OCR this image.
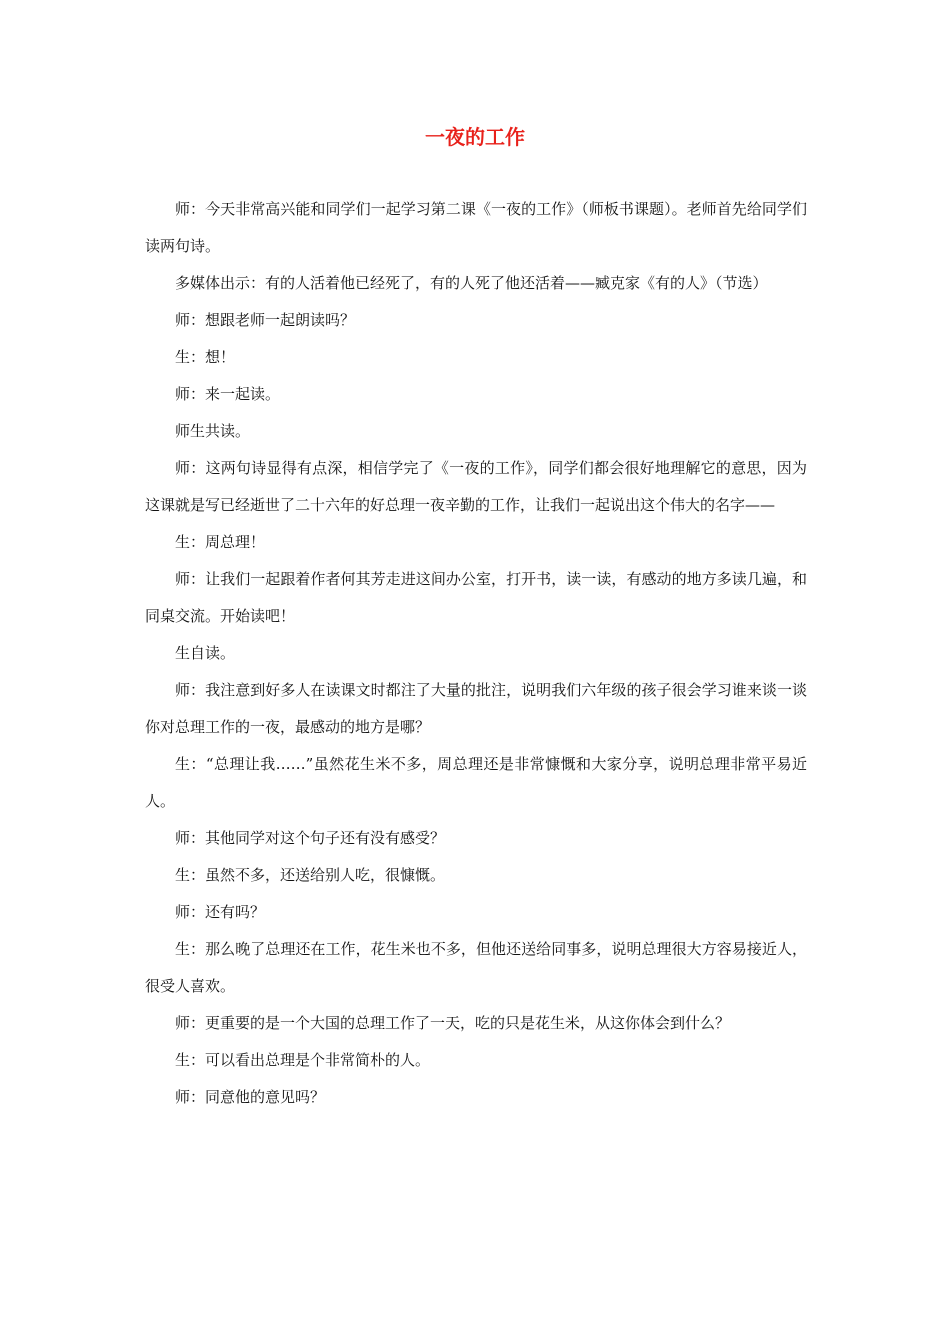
一夜的工作

师：今天非常高兴能和同学们一起学习第二课《一夜的工作》（师板书课题）。老师首先给同学们读两句诗。

多媒体出示：有的人活着他已经死了，有的人死了他还活着——臧克家《有的人》（节选）

师：想跟老师一起朗读吗？

生：想！

师：来一起读。

师生共读。

师：这两句诗显得有点深，相信学完了《一夜的工作》，同学们都会很好地理解它的意思，因为这课就是写已经逝世了二十六年的好总理一夜辛勤的工作，让我们一起说出这个伟大的名字——

生：周总理！

师：让我们一起跟着作者何其芳走进这间办公室，打开书，读一读，有感动的地方多读几遍，和同桌交流。开始读吧！

生自读。

师：我注意到好多人在读课文时都注了大量的批注，说明我们六年级的孩子很会学习谁来谈一谈你对总理工作的一夜，最感动的地方是哪？

生：“总理让我……”虽然花生米不多，周总理还是非常慷慨和大家分享，说明总理非常平易近人。

师：其他同学对这个句子还有没有感受？

生：虽然不多，还送给别人吃，很慷慨。

师：还有吗？

生：那么晚了总理还在工作，花生米也不多，但他还送给同事多，说明总理很大方容易接近人，很受人喜欢。

师：更重要的是一个大国的总理工作了一天，吃的只是花生米，从这你体会到什么？

生：可以看出总理是个非常简朴的人。

师：同意他的意见吗？
